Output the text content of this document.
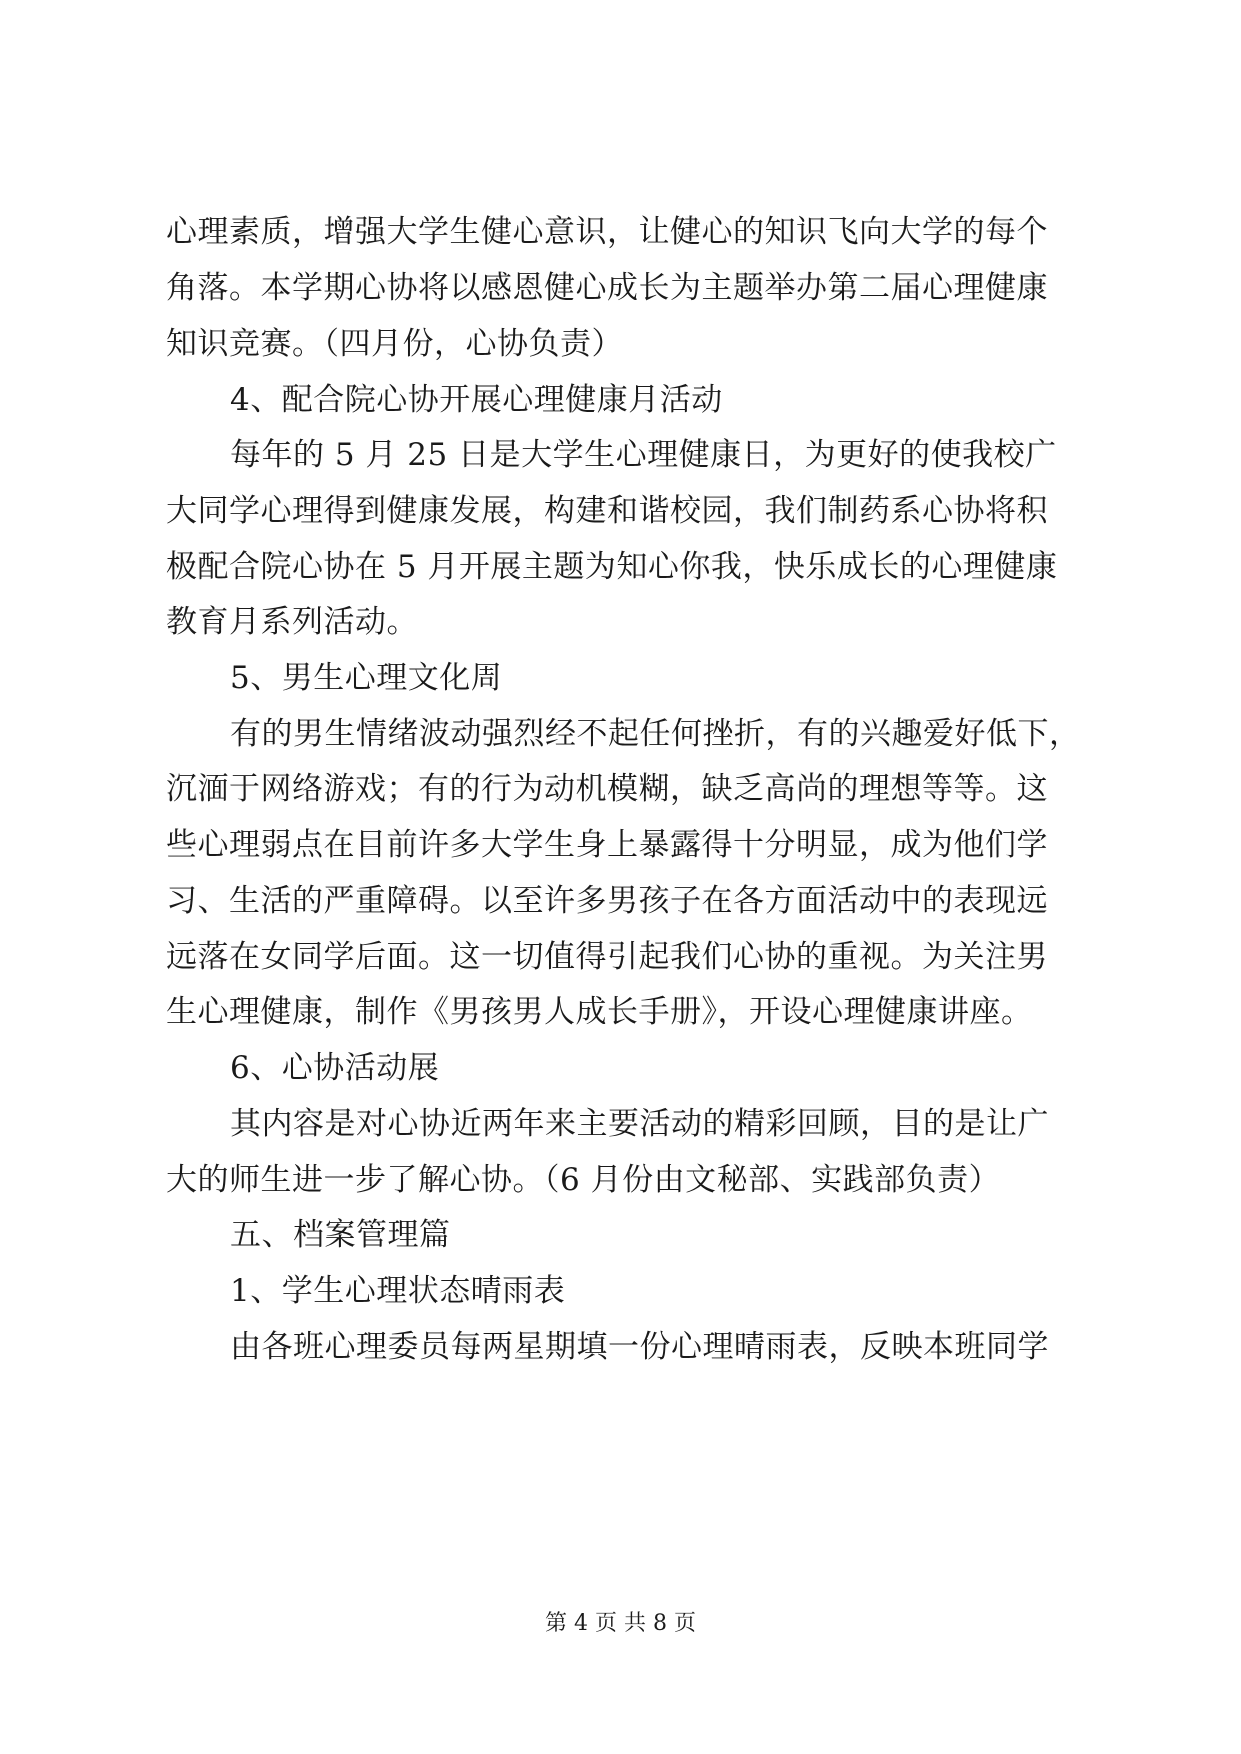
心理素质，增强大学生健心意识，让健心的知识飞向大学的每个
角落。本学期心协将以感恩健心成长为主题举办第二届心理健康
知识竞赛。（四月份，心协负责）
4、配合院心协开展心理健康月活动
每年的 5 月 25 日是大学生心理健康日，为更好的使我校广
大同学心理得到健康发展，构建和谐校园，我们制药系心协将积
极配合院心协在 5 月开展主题为知心你我，快乐成长的心理健康
教育月系列活动。
5、男生心理文化周
有的男生情绪波动强烈经不起任何挫折，有的兴趣爱好低下，
沉湎于网络游戏；有的行为动机模糊，缺乏高尚的理想等等。这
些心理弱点在目前许多大学生身上暴露得十分明显，成为他们学
习、生活的严重障碍。以至许多男孩子在各方面活动中的表现远
远落在女同学后面。这一切值得引起我们心协的重视。为关注男
生心理健康，制作《男孩男人成长手册》，开设心理健康讲座。
6、心协活动展
其内容是对心协近两年来主要活动的精彩回顾，目的是让广
大的师生进一步了解心协。（6 月份由文秘部、实践部负责）
五、档案管理篇
1、学生心理状态晴雨表
由各班心理委员每两星期填一份心理晴雨表，反映本班同学
第 4 页 共 8 页
